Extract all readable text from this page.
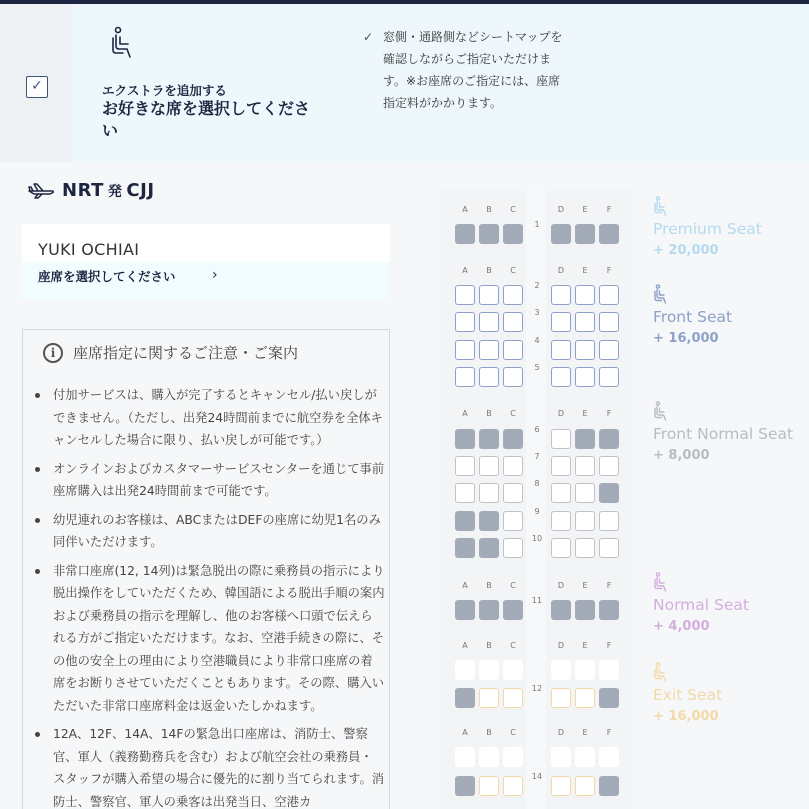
✓	エクストラを追加する
お好きな席を選択してください
✓ 窓側・通路側などシートマップを確認しながらご指定いただけます。※お座席のご指定には、座席指定料がかかります。
NRT 発 CJJ
YUKI OCHIAI
座席を選択してください	›
i	座席指定に関するご注意・ご案内
付加サービスは、購入が完了するとキャンセル/払い戻しができません。（ただし、出発24時間前までに航空券を全体キャンセルした場合に限り、払い戻しが可能です。）
オンラインおよびカスタマーサービスセンターを通じて事前座席購入は出発24時間前まで可能です。
幼児連れのお客様は、ABCまたはDEFの座席に幼児1名のみ同伴いただけます。
非常口座席(12, 14列)は緊急脱出の際に乗務員の指示により脱出操作をしていただくため、韓国語による脱出手順の案内および乗務員の指示を理解し、他のお客様へ口頭で伝えられる方がご指定いただけます。なお、空港手続きの際に、その他の安全上の理由により空港職員により非常口座席の着席をお断りさせていただくこともあります。その際、購入いただいた非常口座席料金は返金いたしかねます。
12A、12F、14A、14Fの緊急出口座席は、消防士、警察官、軍人（義務勤務兵を含む）および航空会社の乗務員・スタッフが購入希望の場合に優先的に割り当てられます。消防士、警察官、軍人の乗客は出発当日、空港カ
A	B	C	D	E	F
1
A	B	C	D	E	F
2
3
4
5
A	B	C	D	E	F
6
7
8
9
10
A	B	C	D	E	F
11
A	B	C	D	E	F
12
A	B	C	D	E	F
14
Premium Seat
+ 20,000
Front Seat
+ 16,000
Front Normal Seat
+ 8,000
Normal Seat
+ 4,000
Exit Seat
+ 16,000
